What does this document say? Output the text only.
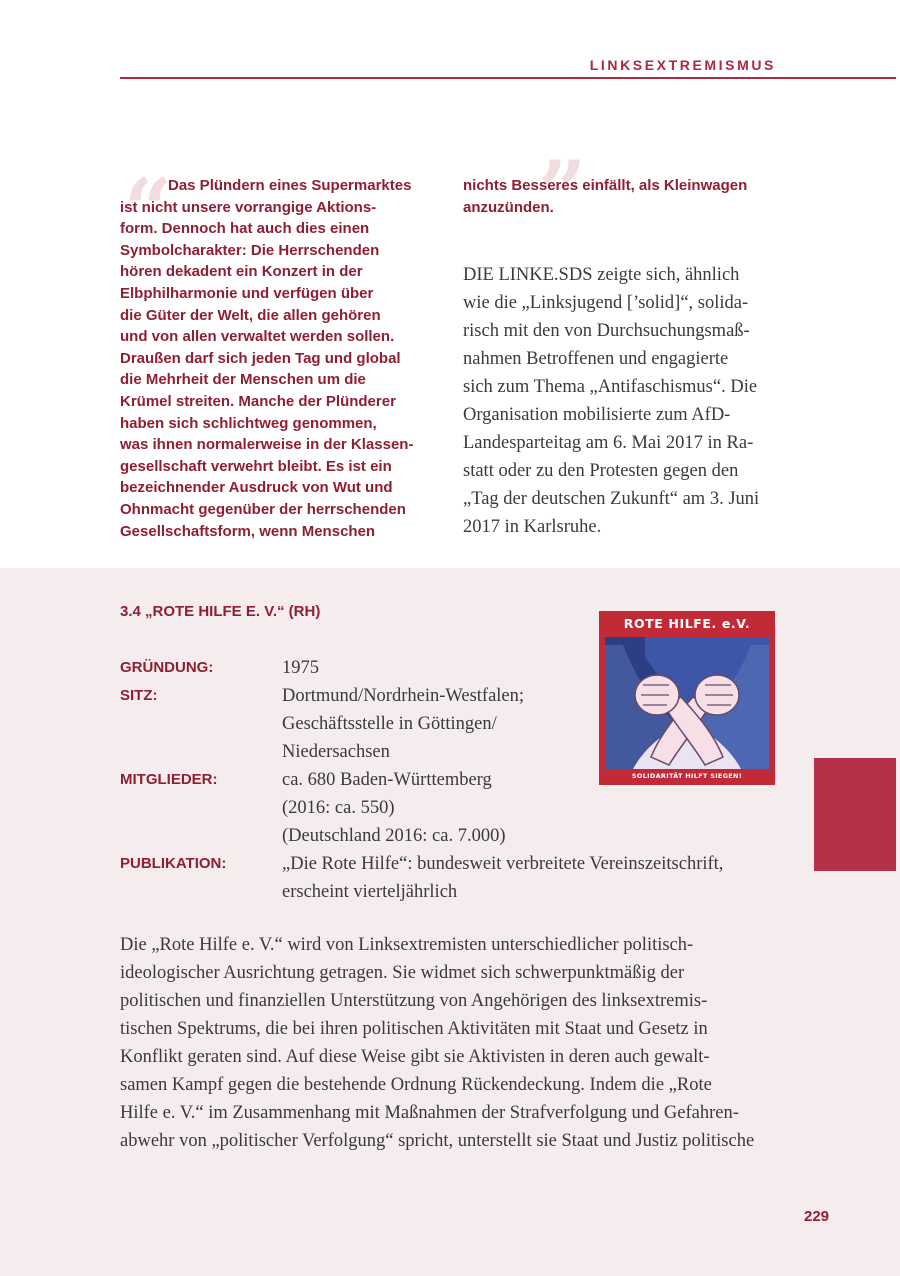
LINKSEXTREMISMUS
“	”
Das Plündern eines Supermarktes
ist nicht unsere vorrangige Aktions-
form. Dennoch hat auch dies einen
Symbolcharakter: Die Herrschenden
hören dekadent ein Konzert in der
Elbphilharmonie und verfügen über
die Güter der Welt, die allen gehören
und von allen verwaltet werden sollen.
Draußen darf sich jeden Tag und global
die Mehrheit der Menschen um die
Krümel streiten. Manche der Plünderer
haben sich schlichtweg genommen,
was ihnen normalerweise in der Klassen-
gesellschaft verwehrt bleibt. Es ist ein
bezeichnender Ausdruck von Wut und
Ohnmacht gegenüber der herrschenden
Gesellschaftsform, wenn Menschen
nichts Besseres einfällt, als Kleinwagen
anzuzünden.
DIE LINKE.SDS zeigte sich, ähnlich
wie die „Linksjugend [’solid]“, solida-
risch mit den von Durchsuchungsmaß-
nahmen Betroffenen und engagierte
sich zum Thema „Antifaschismus“. Die
Organisation mobilisierte zum AfD-
Landesparteitag am 6. Mai 2017 in Ra-
statt oder zu den Protesten gegen den
„Tag der deutschen Zukunft“ am 3. Juni
2017 in Karlsruhe.
3.4 „ROTE HILFE E. V.“ (RH)
GRÜNDUNG:	1975
SITZ:	Dortmund/Nordrhein-Westfalen;
Geschäftsstelle in Göttingen/
Niedersachsen
MITGLIEDER:	ca. 680 Baden-Württemberg
(2016: ca. 550)
(Deutschland 2016: ca. 7.000)
PUBLIKATION:	„Die Rote Hilfe“: bundesweit verbreitete Vereinszeitschrift,
erscheint vierteljährlich
ROTE HILFE. e.V.
SOLIDARITÄT HILFT SIEGEN!
Die „Rote Hilfe e. V.“ wird von Linksextremisten unterschiedlicher politisch-
ideologischer Ausrichtung getragen. Sie widmet sich schwerpunktmäßig der
politischen und finanziellen Unterstützung von Angehörigen des linksextremis-
tischen Spektrums, die bei ihren politischen Aktivitäten mit Staat und Gesetz in
Konflikt geraten sind. Auf diese Weise gibt sie Aktivisten in deren auch gewalt-
samen Kampf gegen die bestehende Ordnung Rückendeckung. Indem die „Rote
Hilfe e. V.“ im Zusammenhang mit Maßnahmen der Strafverfolgung und Gefahren-
abwehr von „politischer Verfolgung“ spricht, unterstellt sie Staat und Justiz politische
229
